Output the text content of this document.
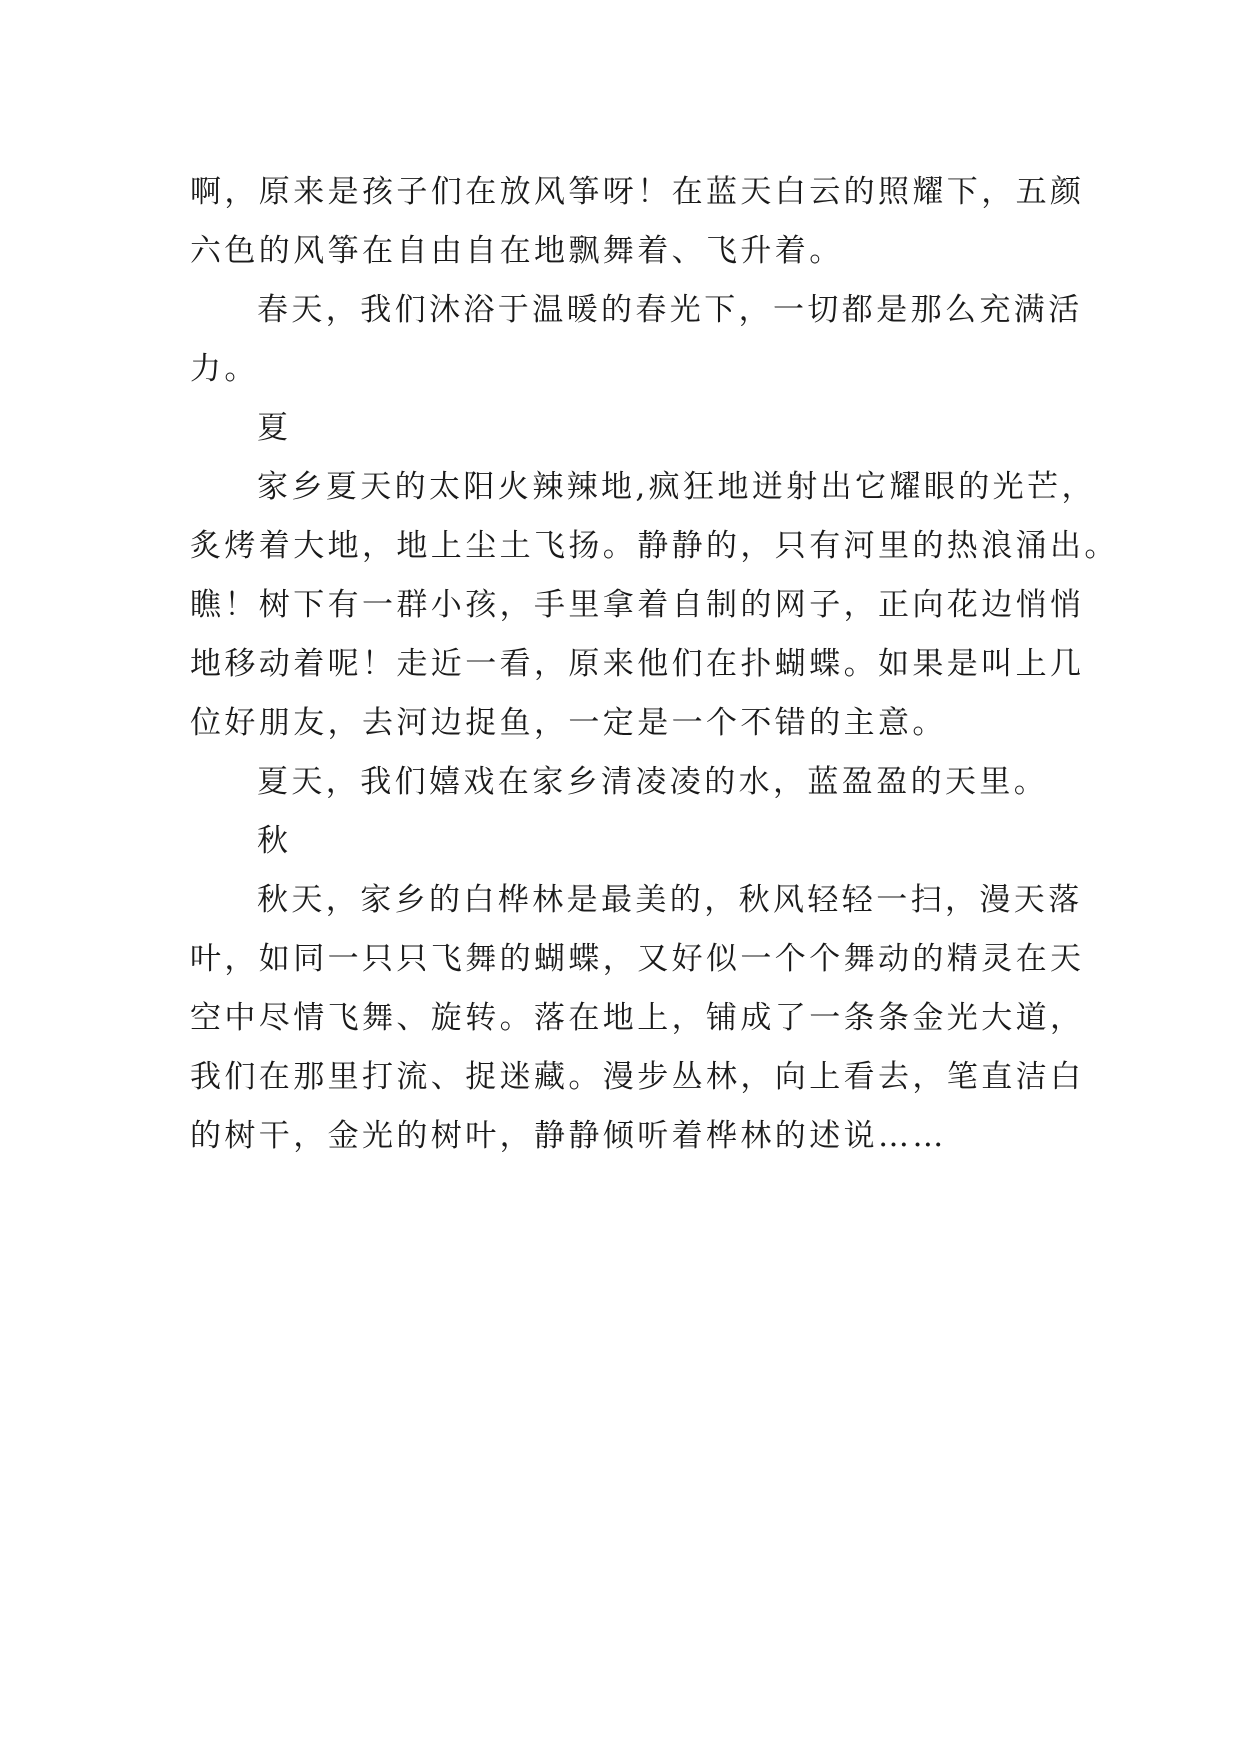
啊，原来是孩子们在放风筝呀！在蓝天白云的照耀下，五颜
六色的风筝在自由自在地飘舞着、飞升着。
春天，我们沐浴于温暖的春光下，一切都是那么充满活
力。
夏
家乡夏天的太阳火辣辣地,疯狂地迸射出它耀眼的光芒，
炙烤着大地，地上尘土飞扬。静静的，只有河里的热浪涌出。
瞧！树下有一群小孩，手里拿着自制的网子，正向花边悄悄
地移动着呢！走近一看，原来他们在扑蝴蝶。如果是叫上几
位好朋友，去河边捉鱼，一定是一个不错的主意。
夏天，我们嬉戏在家乡清凌凌的水，蓝盈盈的天里。
秋
秋天，家乡的白桦林是最美的，秋风轻轻一扫，漫天落
叶，如同一只只飞舞的蝴蝶，又好似一个个舞动的精灵在天
空中尽情飞舞、旋转。落在地上，铺成了一条条金光大道，
我们在那里打流、捉迷藏。漫步丛林，向上看去，笔直洁白
的树干，金光的树叶，静静倾听着桦林的述说……
